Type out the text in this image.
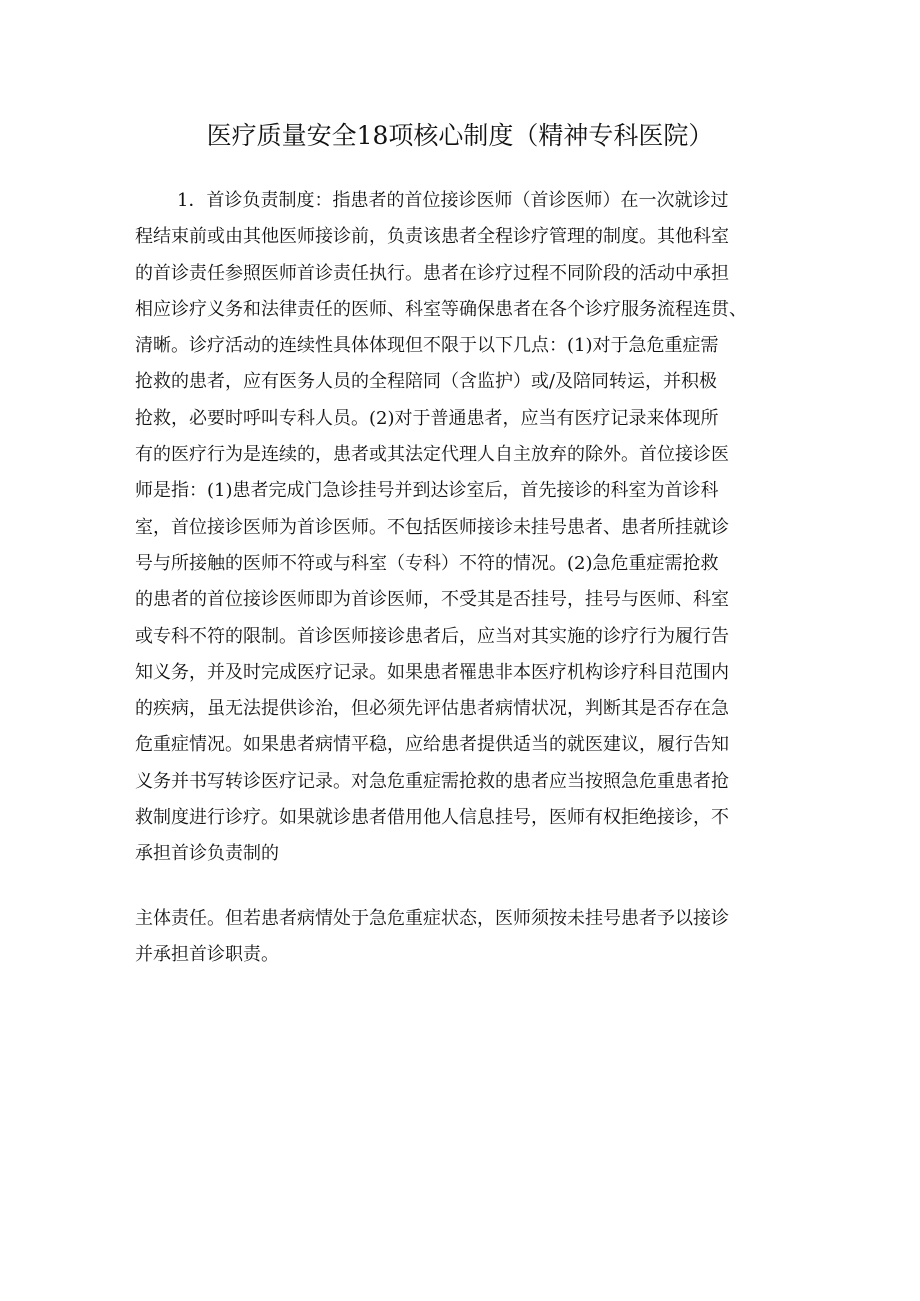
医疗质量安全18项核心制度（精神专科医院）
1．首诊负责制度：指患者的首位接诊医师（首诊医师）在一次就诊过
程结束前或由其他医师接诊前，负责该患者全程诊疗管理的制度。其他科室
的首诊责任参照医师首诊责任执行。患者在诊疗过程不同阶段的活动中承担
相应诊疗义务和法律责任的医师、科室等确保患者在各个诊疗服务流程连贯、
清晰。诊疗活动的连续性具体体现但不限于以下几点：(1)对于急危重症需
抢救的患者，应有医务人员的全程陪同（含监护）或/及陪同转运，并积极
抢救，必要时呼叫专科人员。(2)对于普通患者，应当有医疗记录来体现所
有的医疗行为是连续的，患者或其法定代理人自主放弃的除外。首位接诊医
师是指：(1)患者完成门急诊挂号并到达诊室后，首先接诊的科室为首诊科
室，首位接诊医师为首诊医师。不包括医师接诊未挂号患者、患者所挂就诊
号与所接触的医师不符或与科室（专科）不符的情况。(2)急危重症需抢救
的患者的首位接诊医师即为首诊医师，不受其是否挂号，挂号与医师、科室
或专科不符的限制。首诊医师接诊患者后，应当对其实施的诊疗行为履行告
知义务，并及时完成医疗记录。如果患者罹患非本医疗机构诊疗科目范围内
的疾病，虽无法提供诊治，但必须先评估患者病情状况，判断其是否存在急
危重症情况。如果患者病情平稳，应给患者提供适当的就医建议，履行告知
义务并书写转诊医疗记录。对急危重症需抢救的患者应当按照急危重患者抢
救制度进行诊疗。如果就诊患者借用他人信息挂号，医师有权拒绝接诊，不
承担首诊负责制的
主体责任。但若患者病情处于急危重症状态，医师须按未挂号患者予以接诊
并承担首诊职责。
